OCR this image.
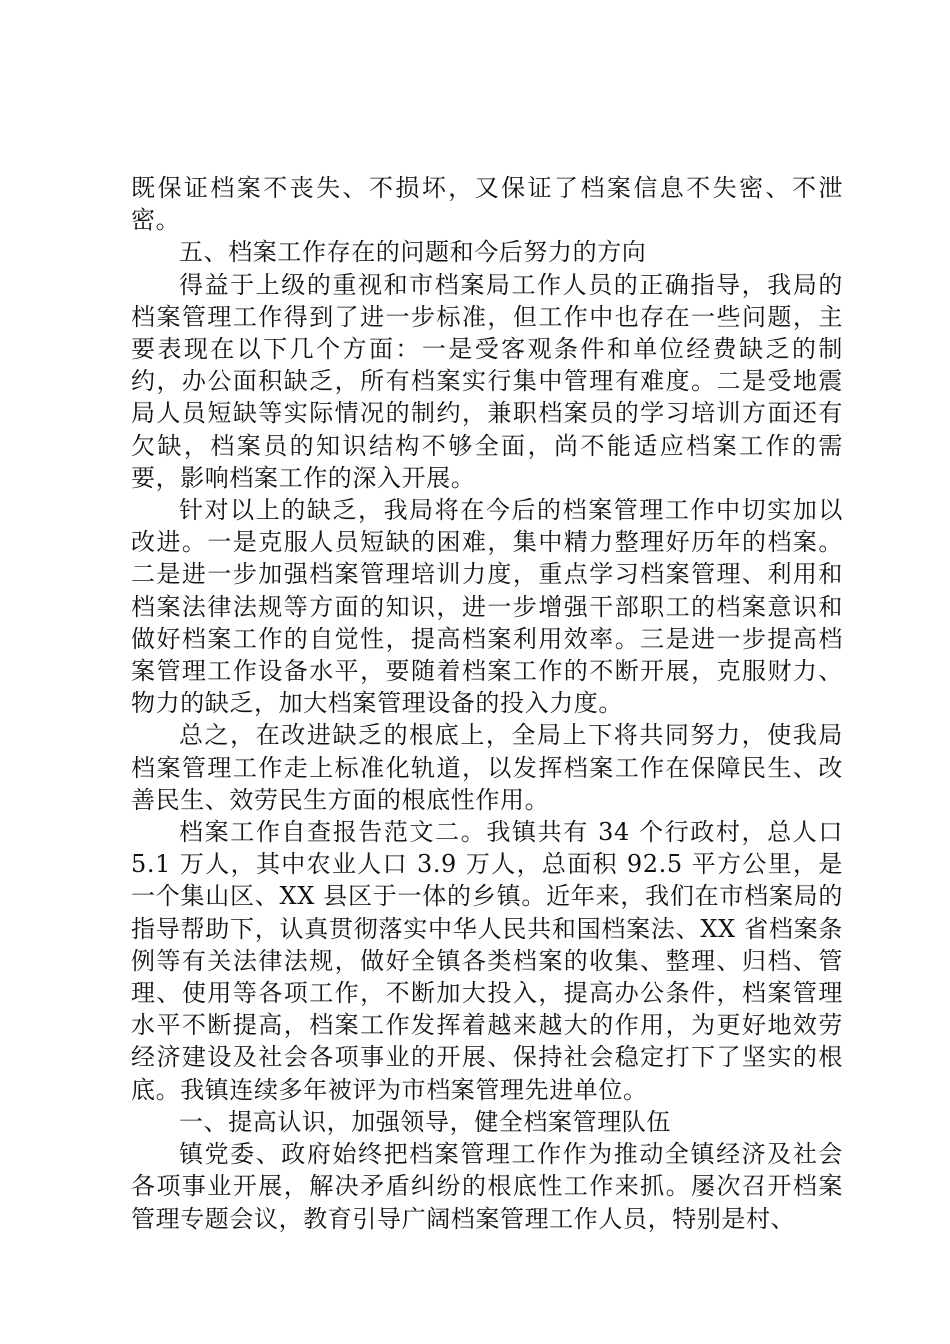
既保证档案不丧失、不损坏，又保证了档案信息不失密、不泄密。

五、档案工作存在的问题和今后努力的方向

得益于上级的重视和市档案局工作人员的正确指导，我局的档案管理工作得到了进一步标准，但工作中也存在一些问题，主要表现在以下几个方面：一是受客观条件和单位经费缺乏的制约，办公面积缺乏，所有档案实行集中管理有难度。二是受地震局人员短缺等实际情况的制约，兼职档案员的学习培训方面还有欠缺，档案员的知识结构不够全面，尚不能适应档案工作的需要，影响档案工作的深入开展。

针对以上的缺乏，我局将在今后的档案管理工作中切实加以改进。一是克服人员短缺的困难，集中精力整理好历年的档案。二是进一步加强档案管理培训力度，重点学习档案管理、利用和档案法律法规等方面的知识，进一步增强干部职工的档案意识和做好档案工作的自觉性，提高档案利用效率。三是进一步提高档案管理工作设备水平，要随着档案工作的不断开展，克服财力、物力的缺乏，加大档案管理设备的投入力度。

总之，在改进缺乏的根底上，全局上下将共同努力，使我局档案管理工作走上标准化轨道，以发挥档案工作在保障民生、改善民生、效劳民生方面的根底性作用。

档案工作自查报告范文二。我镇共有 34 个行政村，总人口 5.1 万人，其中农业人口 3.9 万人，总面积 92.5 平方公里，是一个集山区、XX 县区于一体的乡镇。近年来，我们在市档案局的指导帮助下，认真贯彻落实中华人民共和国档案法、XX 省档案条例等有关法律法规，做好全镇各类档案的收集、整理、归档、管理、使用等各项工作，不断加大投入，提高办公条件，档案管理水平不断提高，档案工作发挥着越来越大的作用，为更好地效劳经济建设及社会各项事业的开展、保持社会稳定打下了坚实的根底。我镇连续多年被评为市档案管理先进单位。

一、提高认识，加强领导，健全档案管理队伍

镇党委、政府始终把档案管理工作作为推动全镇经济及社会各项事业开展，解决矛盾纠纷的根底性工作来抓。屡次召开档案管理专题会议，教育引导广阔档案管理工作人员，特别是村、
